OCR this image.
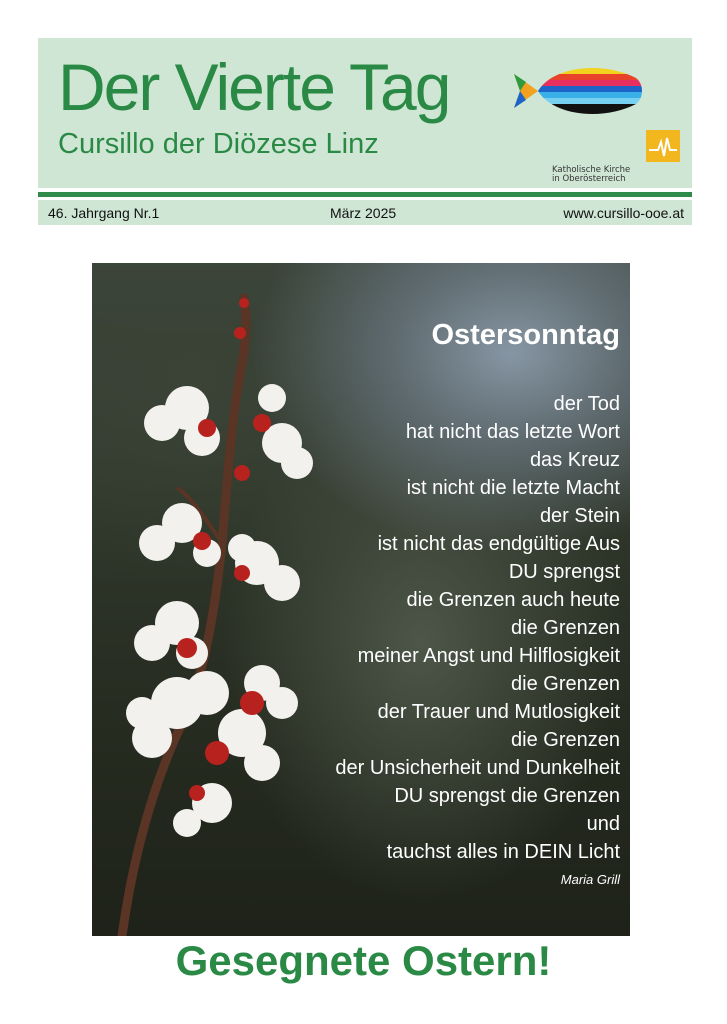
Der Vierte Tag

Cursillo der Diözese Linz

Katholische Kirche
in Oberösterreich
46. Jahrgang Nr.1	März 2025	www.cursillo-ooe.at
Ostersonntag
der Tod
hat nicht das letzte Wort
das Kreuz
ist nicht die letzte Macht
der Stein
ist nicht das endgültige Aus
DU sprengst
die Grenzen auch heute
die Grenzen
meiner Angst und Hilflosigkeit
die Grenzen
der Trauer und Mutlosigkeit
die Grenzen
der Unsicherheit und Dunkelheit
DU sprengst die Grenzen
und
tauchst alles in DEIN Licht
Maria Grill
Gesegnete Ostern!
